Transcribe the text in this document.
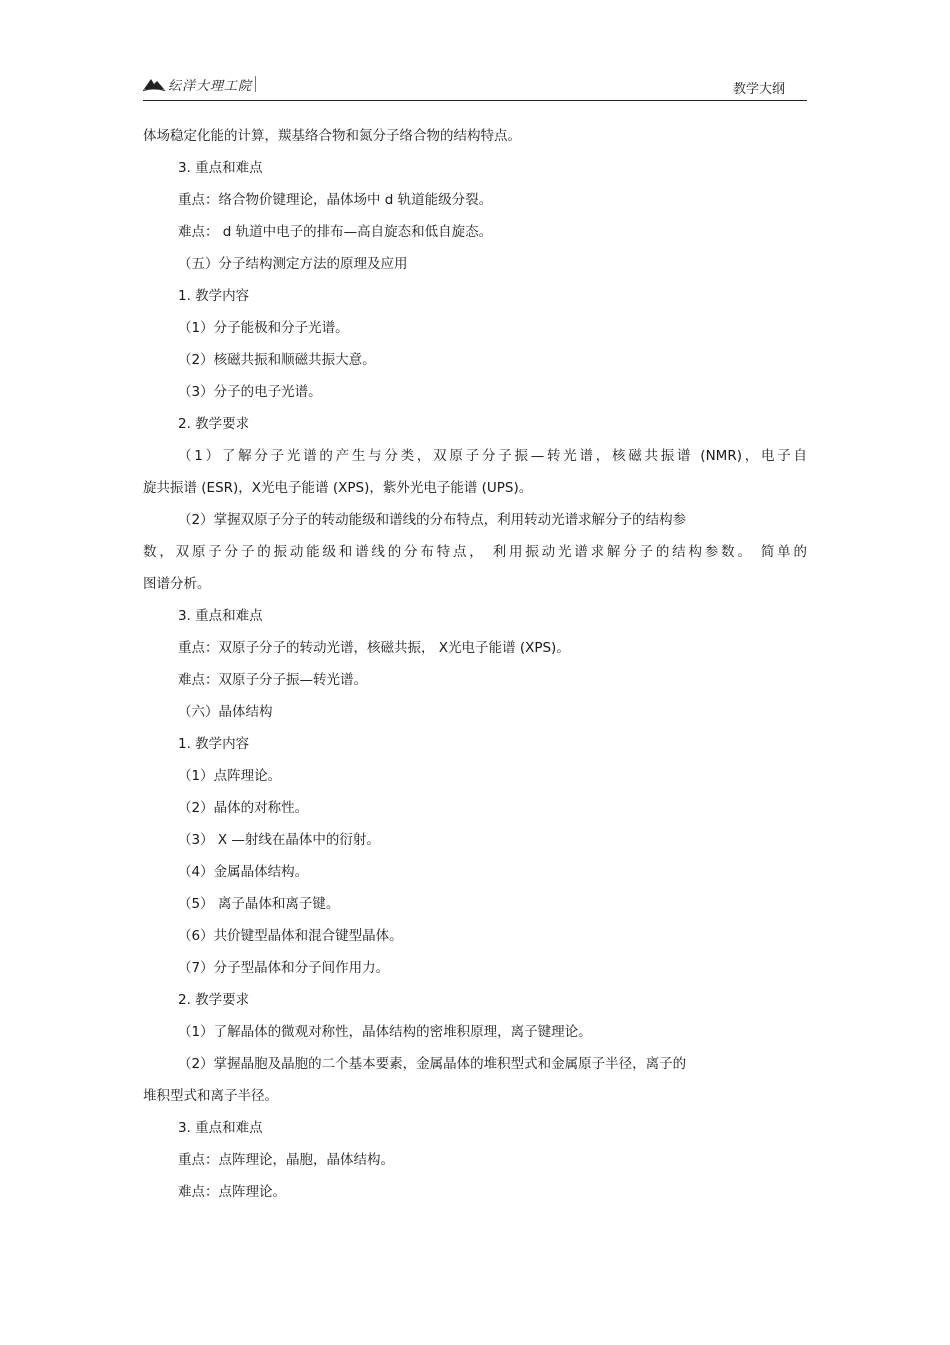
纭洋大理工院	教学大纲
体场稳定化能的计算，羰基络合物和氮分子络合物的结构特点。
3. 重点和难点
重点：络合物价键理论，晶体场中 d 轨道能级分裂。
难点： d 轨道中电子的排布—高自旋态和低自旋态。
（五）分子结构测定方法的原理及应用
1. 教学内容
（1）分子能极和分子光谱。
（2）核磁共振和顺磁共振大意。
（3）分子的电子光谱。
2. 教学要求
（1）了解分子光谱的产生与分类，双原子分子振—转光谱，核磁共振谱 (NMR)，电子自
旋共振谱 (ESR)，X光电子能谱 (XPS)，紫外光电子能谱 (UPS)。
（2）掌握双原子分子的转动能级和谱线的分布特点，利用转动光谱求解分子的结构参
数，双原子分子的振动能级和谱线的分布特点， 利用振动光谱求解分子的结构参数。 简单的
图谱分析。
3. 重点和难点
重点：双原子分子的转动光谱，核磁共振， X光电子能谱 (XPS)。
难点：双原子分子振—转光谱。
（六）晶体结构
1. 教学内容
（1）点阵理论。
（2）晶体的对称性。
（3） X —射线在晶体中的衍射。
（4）金属晶体结构。
（5） 离子晶体和离子键。
（6）共价键型晶体和混合键型晶体。
（7）分子型晶体和分子间作用力。
2. 教学要求
（1）了解晶体的微观对称性，晶体结构的密堆积原理，离子键理论。
（2）掌握晶胞及晶胞的二个基本要素，金属晶体的堆积型式和金属原子半径，离子的
堆积型式和离子半径。
3. 重点和难点
重点：点阵理论，晶胞，晶体结构。
难点：点阵理论。
